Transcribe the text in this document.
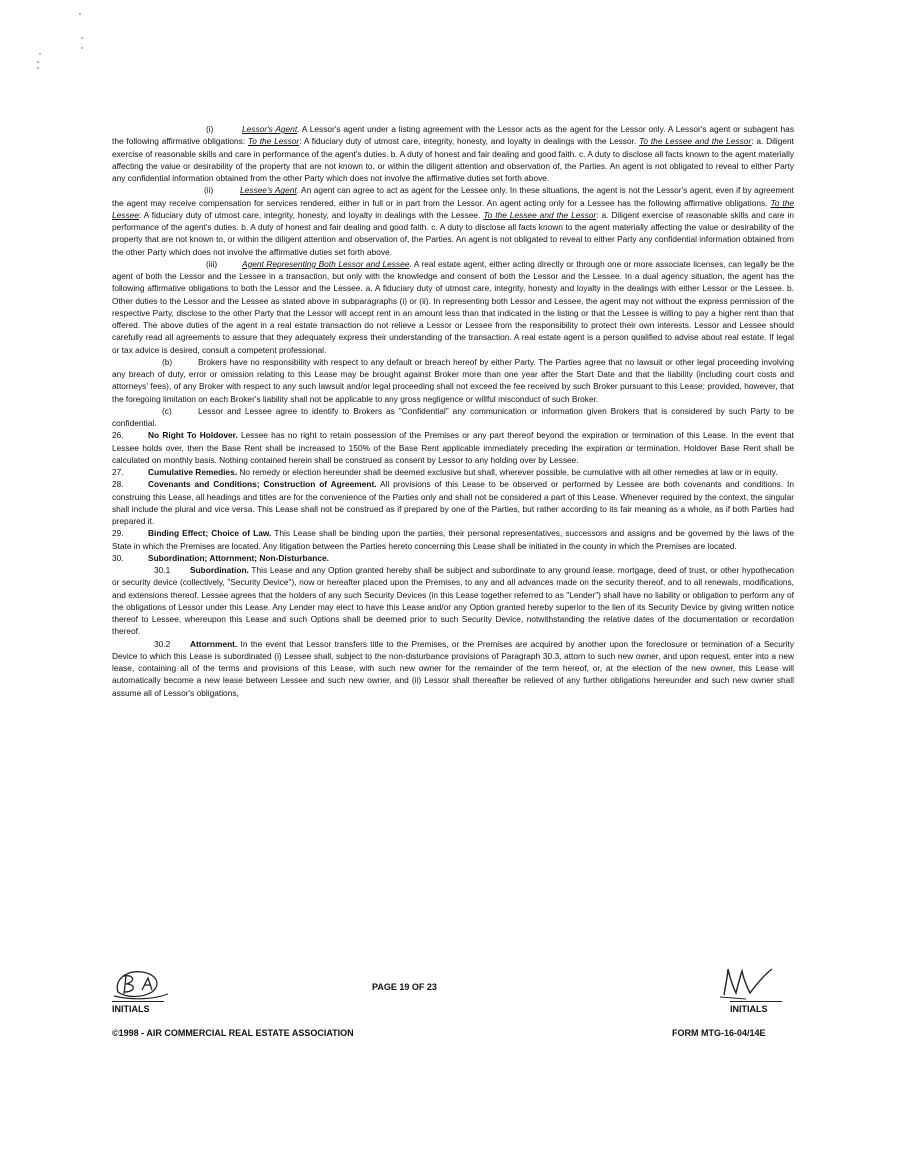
(i)	Lessor's Agent. A Lessor's agent under a listing agreement with the Lessor acts as the agent for the Lessor only. A Lessor's agent or subagent has the following affirmative obligations: To the Lessor: A fiduciary duty of utmost care, integrity, honesty, and loyalty in dealings with the Lessor. To the Lessee and the Lessor: a. Diligent exercise of reasonable skills and care in performance of the agent's duties. b. A duty of honest and fair dealing and good faith. c. A duty to disclose all facts known to the agent materially affecting the value or desirability of the property that are not known to, or within the diligent attention and observation of, the Parties. An agent is not obligated to reveal to either Party any confidential information obtained from the other Party which does not involve the affirmative duties set forth above.

(ii)	Lessee's Agent. An agent can agree to act as agent for the Lessee only. In these situations, the agent is not the Lessor's agent, even if by agreement the agent may receive compensation for services rendered, either in full or in part from the Lessor. An agent acting only for a Lessee has the following affirmative obligations. To the Lessee: A fiduciary duty of utmost care, integrity, honesty, and loyalty in dealings with the Lessee. To the Lessee and the Lessor: a. Diligent exercise of reasonable skills and care in performance of the agent's duties. b. A duty of honest and fair dealing and good faith. c. A duty to disclose all facts known to the agent materially affecting the value or desirability of the property that are not known to, or within the diligent attention and observation of, the Parties. An agent is not obligated to reveal to either Party any confidential information obtained from the other Party which does not involve the affirmative duties set forth above.

(iii)	Agent Representing Both Lessor and Lessee. A real estate agent, either acting directly or through one or more associate licenses, can legally be the agent of both the Lessor and the Lessee in a transaction, but only with the knowledge and consent of both the Lessor and the Lessee. In a dual agency situation, the agent has the following affirmative obligations to both the Lessor and the Lessee. a. A fiduciary duty of utmost care, integrity, honesty and loyalty in the dealings with either Lessor or the Lessee. b. Other duties to the Lessor and the Lessee as stated above in subparagraphs (i) or (ii). In representing both Lessor and Lessee, the agent may not without the express permission of the respective Party, disclose to the other Party that the Lessor will accept rent in an amount less than that indicated in the listing or that the Lessee is willing to pay a higher rent than that offered. The above duties of the agent in a real estate transaction do not relieve a Lessor or Lessee from the responsibility to protect their own interests. Lessor and Lessee should carefully read all agreements to assure that they adequately express their understanding of the transaction. A real estate agent is a person qualified to advise about real estate. If legal or tax advice is desired, consult a competent professional.

(b)	Brokers have no responsibility with respect to any default or breach hereof by either Party. The Parties agree that no lawsuit or other legal proceeding involving any breach of duty, error or omission relating to this Lease may be brought against Broker more than one year after the Start Date and that the liability (including court costs and attorneys' fees), of any Broker with respect to any such lawsuit and/or legal proceeding shall not exceed the fee received by such Broker pursuant to this Lease; provided, however, that the foregoing limitation on each Broker's liability shall not be applicable to any gross negligence or willful misconduct of such Broker.

(c)	Lessor and Lessee agree to identify to Brokers as "Confidential" any communication or information given Brokers that is considered by such Party to be confidential.

26.	No Right To Holdover. Lessee has no right to retain possession of the Premises or any part thereof beyond the expiration or termination of this Lease. In the event that Lessee holds over, then the Base Rent shall be increased to 150% of the Base Rent applicable immediately preceding the expiration or termination. Holdover Base Rent shall be calculated on monthly basis. Nothing contained herein shall be construed as consent by Lessor to any holding over by Lessee.

27.	Cumulative Remedies. No remedy or election hereunder shall be deemed exclusive but shall, wherever possible, be cumulative with all other remedies at law or in equity.

28.	Covenants and Conditions; Construction of Agreement. All provisions of this Lease to be observed or performed by Lessee are both covenants and conditions. In construing this Lease, all headings and titles are for the convenience of the Parties only and shall not be considered a part of this Lease. Whenever required by the context, the singular shall include the plural and vice versa. This Lease shall not be construed as if prepared by one of the Parties, but rather according to its fair meaning as a whole, as if both Parties had prepared it.

29.	Binding Effect; Choice of Law. This Lease shall be binding upon the parties, their personal representatives, successors and assigns and be governed by the laws of the State in which the Premises are located. Any litigation between the Parties hereto concerning this Lease shall be initiated in the county in which the Premises are located.

30.	Subordination; Attornment; Non-Disturbance.

30.1 Subordination. This Lease and any Option granted hereby shall be subject and subordinate to any ground lease, mortgage, deed of trust, or other hypothecation or security device (collectively, "Security Device"), now or hereafter placed upon the Premises, to any and all advances made on the security thereof, and to all renewals, modifications, and extensions thereof. Lessee agrees that the holders of any such Security Devices (in this Lease together referred to as "Lender") shall have no liability or obligation to perform any of the obligations of Lessor under this Lease. Any Lender may elect to have this Lease and/or any Option granted hereby superior to the lien of its Security Device by giving written notice thereof to Lessee, whereupon this Lease and such Options shall be deemed prior to such Security Device, notwithstanding the relative dates of the documentation or recordation thereof.

30.2 Attornment. In the event that Lessor transfers title to the Premises, or the Premises are acquired by another upon the foreclosure or termination of a Security Device to which this Lease is subordinated (i) Lessee shall, subject to the non-disturbance provisions of Paragraph 30.3, attorn to such new owner, and upon request, enter into a new lease, containing all of the terms and provisions of this Lease, with such new owner for the remainder of the term hereof, or, at the election of the new owner, this Lease will automatically become a new lease between Lessee and such new owner, and (ii) Lessor shall thereafter be relieved of any further obligations hereunder and such new owner shall assume all of Lessor's obligations,

INITIALS
PAGE 19 OF 23
INITIALS
©1998 - AIR COMMERCIAL REAL ESTATE ASSOCIATION	FORM MTG-16-04/14E
